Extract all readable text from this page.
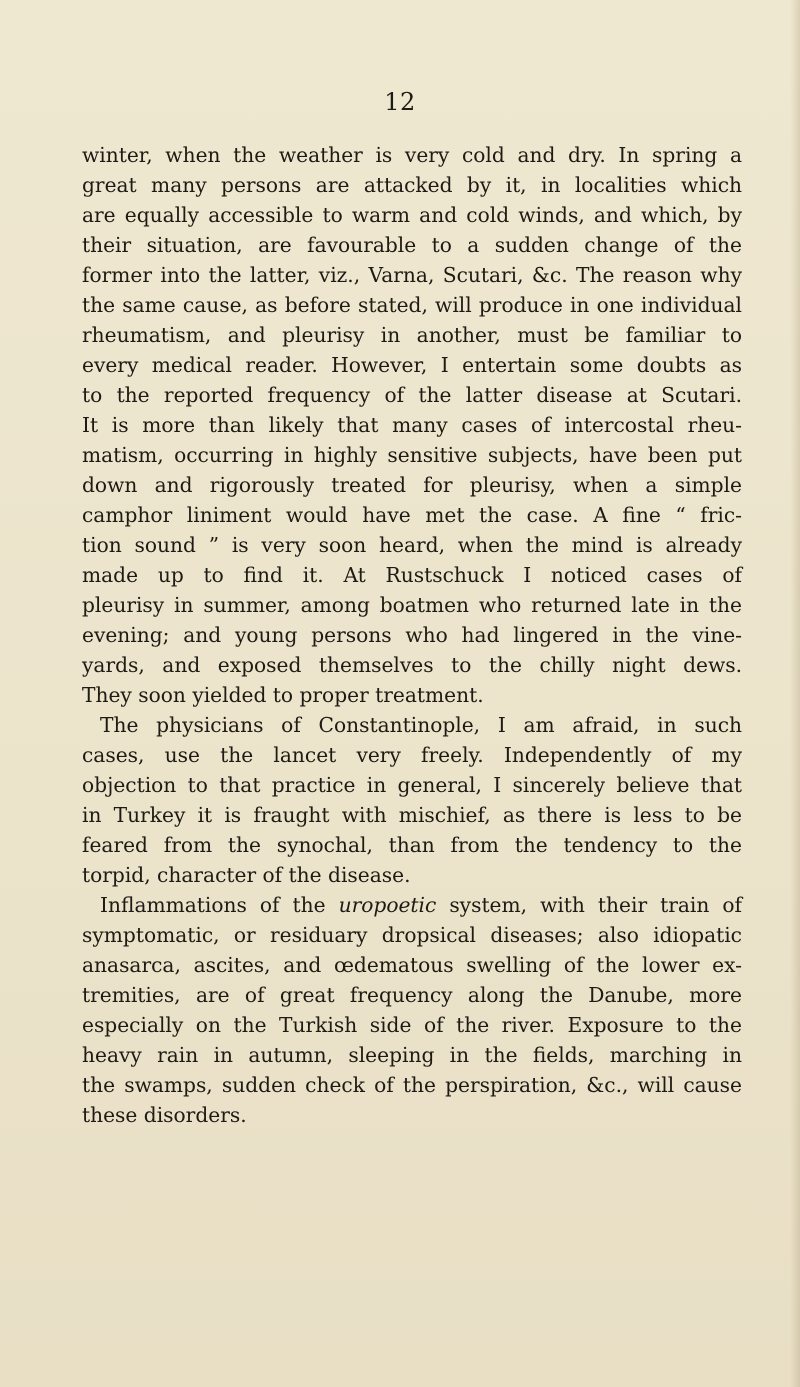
12
winter, when the weather is very cold and dry. In spring a
great many persons are attacked by it, in localities which
are equally accessible to warm and cold winds, and which, by
their situation, are favourable to a sudden change of the
former into the latter, viz., Varna, Scutari, &c. The reason why
the same cause, as before stated, will produce in one individual
rheumatism, and pleurisy in another, must be familiar to
every medical reader. However, I entertain some doubts as
to the reported frequency of the latter disease at Scutari.
It is more than likely that many cases of intercostal rheu-
matism, occurring in highly sensitive subjects, have been put
down and rigorously treated for pleurisy, when a simple
camphor liniment would have met the case. A fine “ fric-
tion sound ” is very soon heard, when the mind is already
made up to find it. At Rustschuck I noticed cases of
pleurisy in summer, among boatmen who returned late in the
evening; and young persons who had lingered in the vine-
yards, and exposed themselves to the chilly night dews.
They soon yielded to proper treatment.
The physicians of Constantinople, I am afraid, in such
cases, use the lancet very freely. Independently of my
objection to that practice in general, I sincerely believe that
in Turkey it is fraught with mischief, as there is less to be
feared from the synochal, than from the tendency to the
torpid, character of the disease.
Inflammations of the uropoetic system, with their train of
symptomatic, or residuary dropsical diseases; also idiopatic
anasarca, ascites, and œdematous swelling of the lower ex-
tremities, are of great frequency along the Danube, more
especially on the Turkish side of the river. Exposure to the
heavy rain in autumn, sleeping in the fields, marching in
the swamps, sudden check of the perspiration, &c., will cause
these disorders.
